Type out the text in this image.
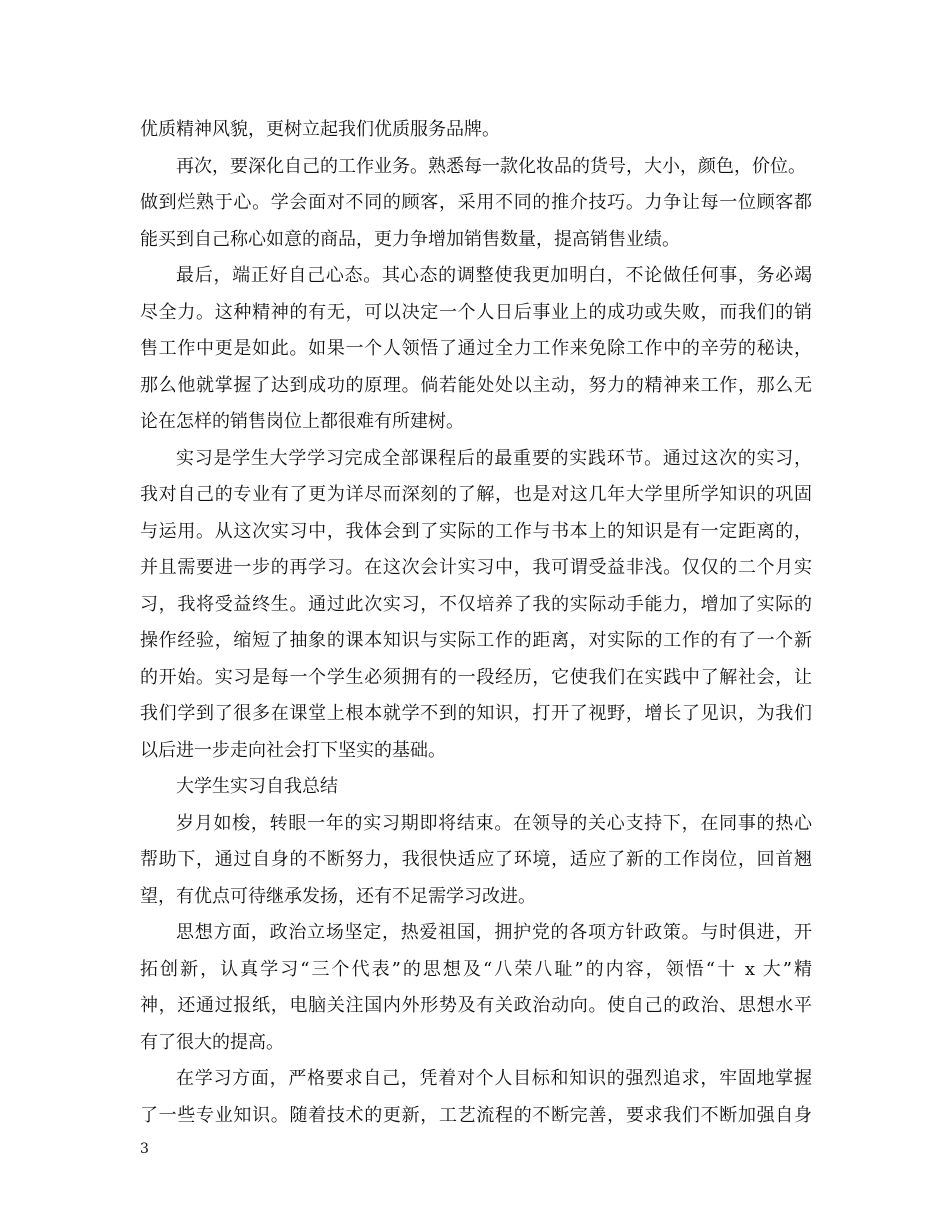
优质精神风貌，更树立起我们优质服务品牌。
再次，要深化自己的工作业务。熟悉每一款化妆品的货号，大小，颜色，价位。
做到烂熟于心。学会面对不同的顾客，采用不同的推介技巧。力争让每一位顾客都
能买到自己称心如意的商品，更力争增加销售数量，提高销售业绩。
最后，端正好自己心态。其心态的调整使我更加明白，不论做任何事，务必竭
尽全力。这种精神的有无，可以决定一个人日后事业上的成功或失败，而我们的销
售工作中更是如此。如果一个人领悟了通过全力工作来免除工作中的辛劳的秘诀，
那么他就掌握了达到成功的原理。倘若能处处以主动，努力的精神来工作，那么无
论在怎样的销售岗位上都很难有所建树。
实习是学生大学学习完成全部课程后的最重要的实践环节。通过这次的实习，
我对自己的专业有了更为详尽而深刻的了解，也是对这几年大学里所学知识的巩固
与运用。从这次实习中，我体会到了实际的工作与书本上的知识是有一定距离的，
并且需要进一步的再学习。在这次会计实习中，我可谓受益非浅。仅仅的二个月实
习，我将受益终生。通过此次实习，不仅培养了我的实际动手能力，增加了实际的
操作经验，缩短了抽象的课本知识与实际工作的距离，对实际的工作的有了一个新
的开始。实习是每一个学生必须拥有的一段经历，它使我们在实践中了解社会，让
我们学到了很多在课堂上根本就学不到的知识，打开了视野，增长了见识，为我们
以后进一步走向社会打下坚实的基础。
大学生实习自我总结
岁月如梭，转眼一年的实习期即将结束。在领导的关心支持下，在同事的热心
帮助下，通过自身的不断努力，我很快适应了环境，适应了新的工作岗位，回首翘
望，有优点可待继承发扬，还有不足需学习改进。
思想方面，政治立场坚定，热爱祖国，拥护党的各项方针政策。与时俱进，开
拓创新，认真学习“三个代表”的思想及“八荣八耻”的内容，领悟“十 x 大”精
神，还通过报纸，电脑关注国内外形势及有关政治动向。使自己的政治、思想水平
有了很大的提高。
在学习方面，严格要求自己，凭着对个人目标和知识的强烈追求，牢固地掌握
了一些专业知识。随着技术的更新，工艺流程的不断完善，要求我们不断加强自身
3
